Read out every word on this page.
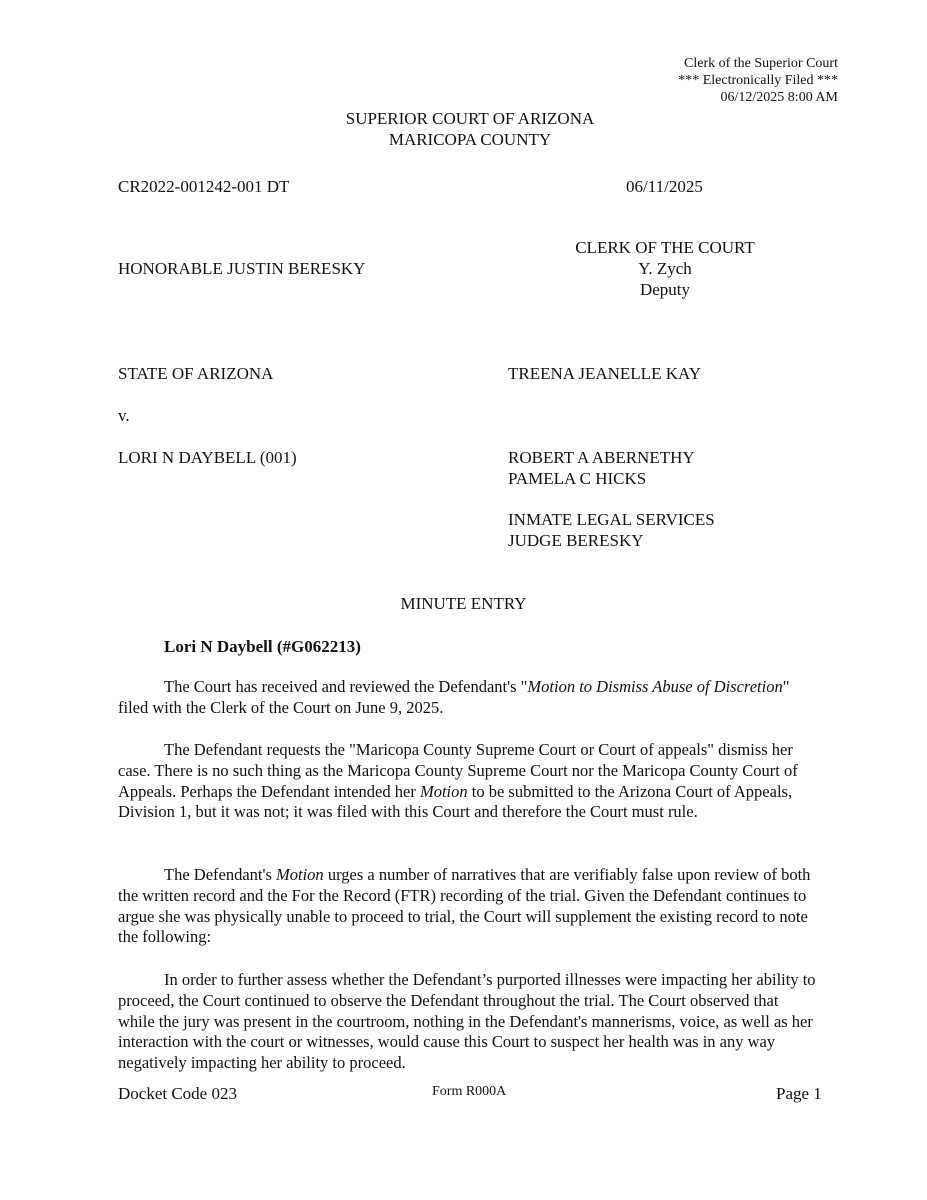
Clerk of the Superior Court
*** Electronically Filed ***
06/12/2025 8:00 AM
SUPERIOR COURT OF ARIZONA
MARICOPA COUNTY
CR2022-001242-001 DT	06/11/2025
HONORABLE JUSTIN BERESKY
CLERK OF THE COURT
Y. Zych
Deputy
STATE OF ARIZONA	TREENA JEANELLE KAY
v.
LORI N DAYBELL (001)	ROBERT A ABERNETHY
PAMELA C HICKS
INMATE LEGAL SERVICES
JUDGE BERESKY
MINUTE ENTRY
Lori N Daybell (#G062213)

The Court has received and reviewed the Defendant's "Motion to Dismiss Abuse of Discretion" filed with the Clerk of the Court on June 9, 2025.

The Defendant requests the "Maricopa County Supreme Court or Court of appeals" dismiss her case. There is no such thing as the Maricopa County Supreme Court nor the Maricopa County Court of Appeals. Perhaps the Defendant intended her Motion to be submitted to the Arizona Court of Appeals, Division 1, but it was not; it was filed with this Court and therefore the Court must rule.

The Defendant's Motion urges a number of narratives that are verifiably false upon review of both the written record and the For the Record (FTR) recording of the trial. Given the Defendant continues to argue she was physically unable to proceed to trial, the Court will supplement the existing record to note the following:

In order to further assess whether the Defendant’s purported illnesses were impacting her ability to proceed, the Court continued to observe the Defendant throughout the trial. The Court observed that while the jury was present in the courtroom, nothing in the Defendant's mannerisms, voice, as well as her interaction with the court or witnesses, would cause this Court to suspect her health was in any way negatively impacting her ability to proceed.

Docket Code 023	Form R000A	Page 1
